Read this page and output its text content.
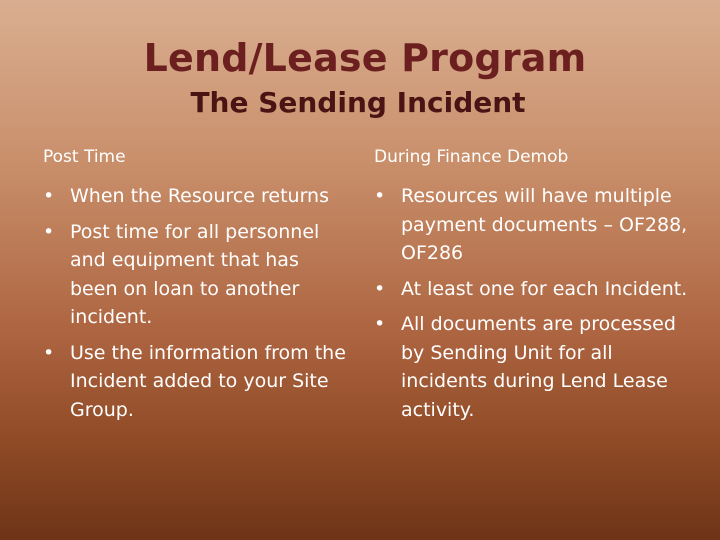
Lend/Lease Program
The Sending Incident
Post Time
• When the Resource returns
• Post time for all personnel and equipment that has been on loan to another incident.
• Use the information from the Incident added to your Site Group.
During Finance Demob
• Resources will have multiple payment documents – OF288, OF286
• At least one for each Incident.
• All documents are processed by Sending Unit for all incidents during Lend Lease activity.
